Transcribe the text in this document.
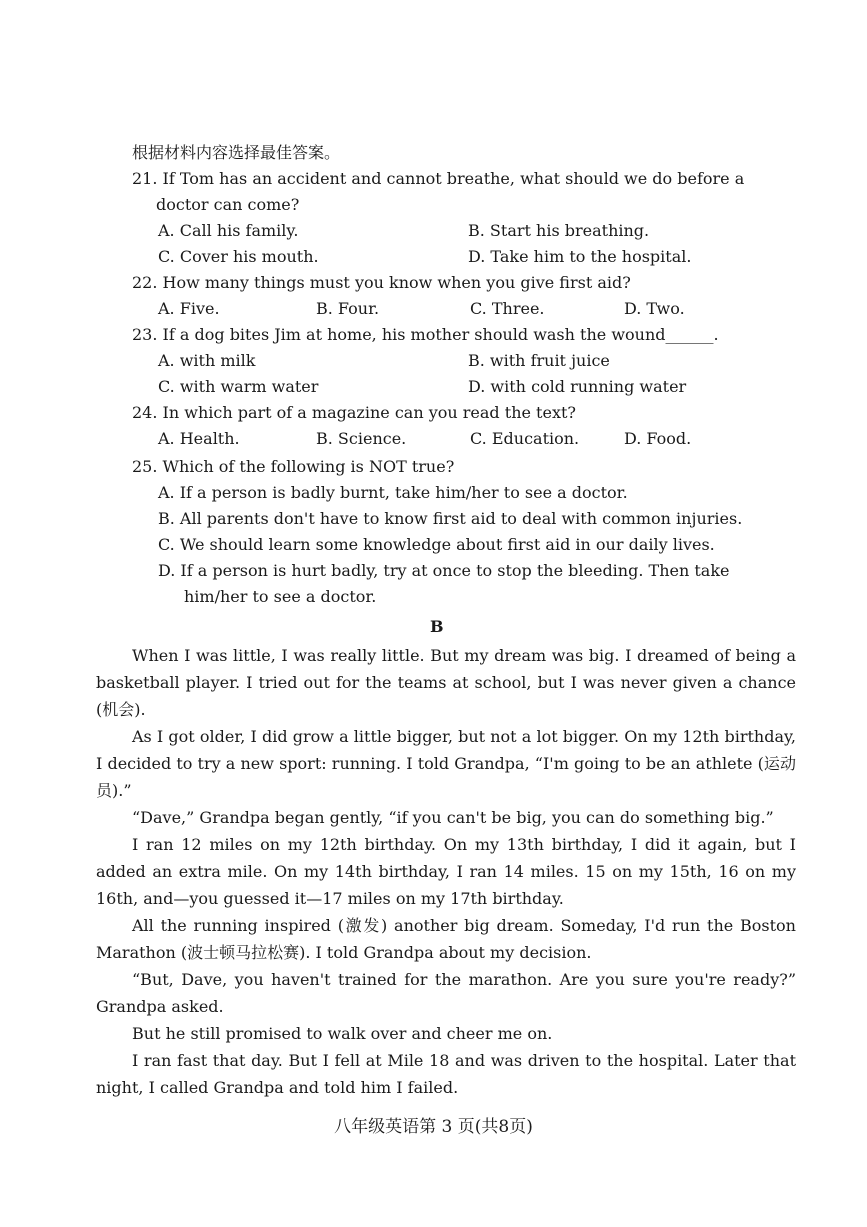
根据材料内容选择最佳答案。

21. If Tom has an accident and cannot breathe, what should we do before a doctor can come?

A. Call his family.	B. Start his breathing.
C. Cover his mouth.	D. Take him to the hospital.

22. How many things must you know when you give first aid?

A. Five.	B. Four.	C. Three.	D. Two.

23. If a dog bites Jim at home, his mother should wash the wound______.

A. with milk	B. with fruit juice
C. with warm water	D. with cold running water

24. In which part of a magazine can you read the text?

A. Health.	B. Science.	C. Education.	D. Food.

25. Which of the following is NOT true?

A. If a person is badly burnt, take him/her to see a doctor.
B. All parents don't have to know first aid to deal with common injuries.
C. We should learn some knowledge about first aid in our daily lives.
D. If a person is hurt badly, try at once to stop the bleeding. Then take him/her to see a doctor.
B

When I was little, I was really little. But my dream was big. I dreamed of being a basketball player. I tried out for the teams at school, but I was never given a chance (机会).

As I got older, I did grow a little bigger, but not a lot bigger. On my 12th birthday, I decided to try a new sport: running. I told Grandpa, “I'm going to be an athlete (运动员).”

“Dave,” Grandpa began gently, “if you can't be big, you can do something big.”

I ran 12 miles on my 12th birthday. On my 13th birthday, I did it again, but I added an extra mile. On my 14th birthday, I ran 14 miles. 15 on my 15th, 16 on my 16th, and—you guessed it—17 miles on my 17th birthday.

All the running inspired (激发) another big dream. Someday, I'd run the Boston Marathon (波士顿马拉松赛). I told Grandpa about my decision.

“But, Dave, you haven't trained for the marathon. Are you sure you're ready?” Grandpa asked.

But he still promised to walk over and cheer me on.

I ran fast that day. But I fell at Mile 18 and was driven to the hospital. Later that night, I called Grandpa and told him I failed.

八年级英语第 3 页(共8页)
